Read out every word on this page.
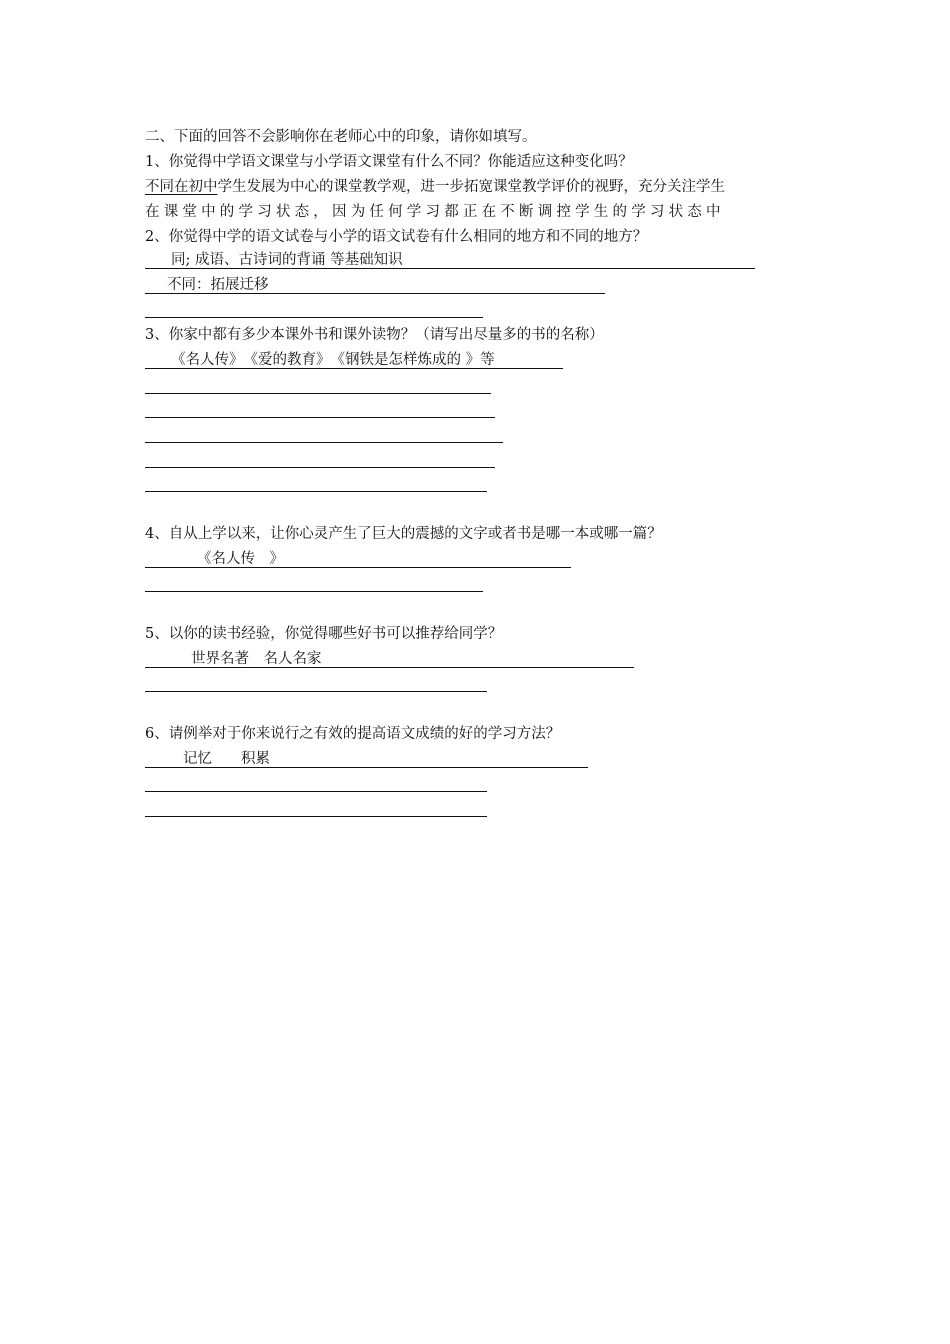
二、下面的回答不会影响你在老师心中的印象，请你如填写。
1、你觉得中学语文课堂与小学语文课堂有什么不同？你能适应这种变化吗？
不同在初中学生发展为中心的课堂教学观，进一步拓宽课堂教学评价的视野，充分关注学生
在课堂中的学习状态，因为任何学习都正在不断调控学生的学习状态中
2、你觉得中学的语文试卷与小学的语文试卷有什么相同的地方和不同的地方？
同; 成语、古诗词的背诵 等基础知识
不同：拓展迁移
3、你家中都有多少本课外书和课外读物？（请写出尽量多的书的名称）
《名人传》　《爱的教育》　《钢铁是怎样炼成的 》等
4、自从上学以来，让你心灵产生了巨大的震撼的文字或者书是哪一本或哪一篇？
《名人传　》
5、以你的读书经验，你觉得哪些好书可以推荐给同学？
世界名著　名人名家
6、请例举对于你来说行之有效的提高语文成绩的好的学习方法？
记忆　　积累
